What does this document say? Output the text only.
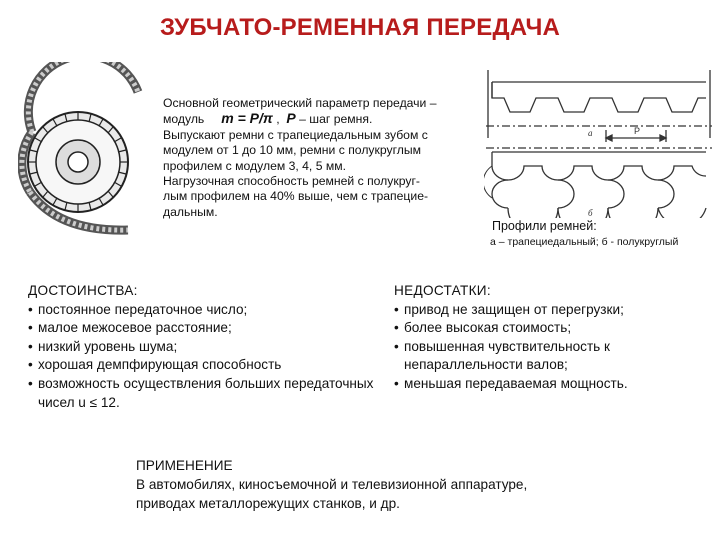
ЗУБЧАТО-РЕМЕННАЯ ПЕРЕДАЧА
Основной геометрический параметр передачи –
модуль m = P/π , P – шаг ремня.
Выпускают ремни с трапециедальным зубом с
модулем от 1 до 10 мм, ремни с полукруглым
профилем с модулем 3, 4, 5 мм.
Нагрузочная способность ремней с полукруг-
лым профилем на 40% выше, чем с трапецие-
дальным.
а	Р
б
Профили ремней:
а – трапециедальный; б - полукруглый
ДОСТОИНСТВА:
• постоянное передаточное число;
• малое межосевое расстояние;
• низкий уровень шума;
• хорошая демпфирующая способность
• возможность осуществления больших передаточных чисел u ≤ 12.
НЕДОСТАТКИ:
• привод не защищен от перегрузки;
• более высокая стоимость;
• повышенная чувствительность к непараллельности валов;
• меньшая передаваемая мощность.
ПРИМЕНЕНИЕ
В автомобилях, киносъемочной и телевизионной аппаратуре,
приводах металлорежущих станков, и др.
